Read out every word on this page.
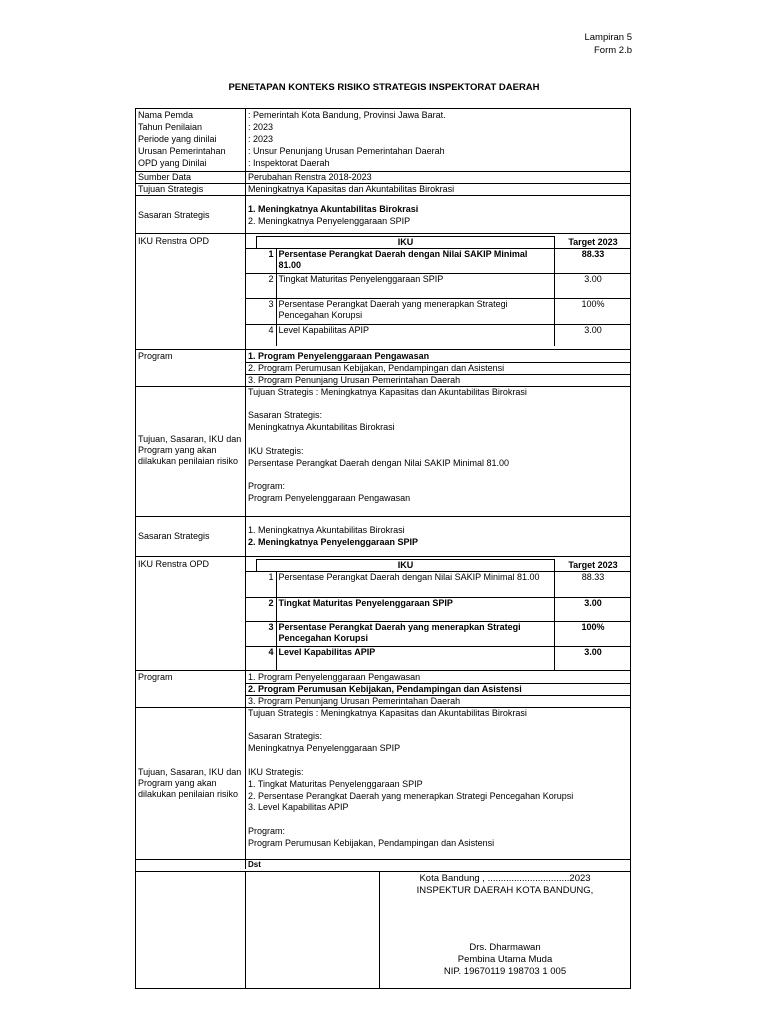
Lampiran 5
Form 2.b
PENETAPAN KONTEKS RISIKO STRATEGIS INSPEKTORAT DAERAH
Nama Pemda	: Pemerintah Kota Bandung, Provinsi Jawa Barat.
Tahun Penilaian	: 2023
Periode yang dinilai	: 2023
Urusan Pemerintahan	: Unsur Penunjang Urusan Pemerintahan Daerah
OPD yang Dinilai	: Inspektorat Daerah
Sumber Data	Perubahan Renstra 2018-2023
Tujuan Strategis	Meningkatnya Kapasitas dan Akuntabilitas Birokrasi
Sasaran Strategis
1. Meningkatnya Akuntabilitas Birokrasi
2. Meningkatnya Penyelenggaraan SPIP
IKU Renstra OPD
		IKU		Target 2023
	1	Persentase Perangkat Daerah dengan Nilai SAKIP Minimal 81.00	88.33
	2	Tingkat Maturitas Penyelenggaraan SPIP	3.00
	3	Persentase Perangkat Daerah yang menerapkan Strategi Pencegahan Korupsi	100%
	4	Level Kapabilitas APIP	3.00
Program	1. Program Penyelenggaraan Pengawasan
2. Program Perumusan Kebijakan, Pendampingan dan Asistensi
3. Program Penunjang Urusan Pemerintahan Daerah
Tujuan, Sasaran, IKU dan Program yang akan dilakukan penilaian risiko
Tujuan Strategis : Meningkatnya Kapasitas dan Akuntabilitas Birokrasi
Sasaran Strategis:
Meningkatnya Akuntabilitas Birokrasi
IKU Strategis:
Persentase Perangkat Daerah dengan Nilai SAKIP Minimal 81.00
Program:
Program Penyelenggaraan Pengawasan
Sasaran Strategis
1. Meningkatnya Akuntabilitas Birokrasi
2. Meningkatnya Penyelenggaraan SPIP
IKU Renstra OPD
		IKU		Target 2023
	1	Persentase Perangkat Daerah dengan Nilai SAKIP Minimal 81.00	88.33
	2	Tingkat Maturitas Penyelenggaraan SPIP	3.00
	3	Persentase Perangkat Daerah yang menerapkan Strategi Pencegahan Korupsi	100%
	4	Level Kapabilitas APIP	3.00
Program	1. Program Penyelenggaraan Pengawasan
2. Program Perumusan Kebijakan, Pendampingan dan Asistensi
3. Program Penunjang Urusan Pemerintahan Daerah
Tujuan, Sasaran, IKU dan Program yang akan dilakukan penilaian risiko
Tujuan Strategis : Meningkatnya Kapasitas dan Akuntabilitas Birokrasi
Sasaran Strategis:
Meningkatnya Penyelenggaraan SPIP
IKU Strategis:
1. Tingkat Maturitas Penyelenggaraan SPIP
2. Persentase Perangkat Daerah yang menerapkan Strategi Pencegahan Korupsi
3. Level Kapabilitas APIP
Program:
Program Perumusan Kebijakan, Pendampingan dan Asistensi
Dst
Kota Bandung , ...............................2023
INSPEKTUR DAERAH KOTA BANDUNG,
Drs. Dharmawan
Pembina Utama Muda
NIP. 19670119 198703 1 005
